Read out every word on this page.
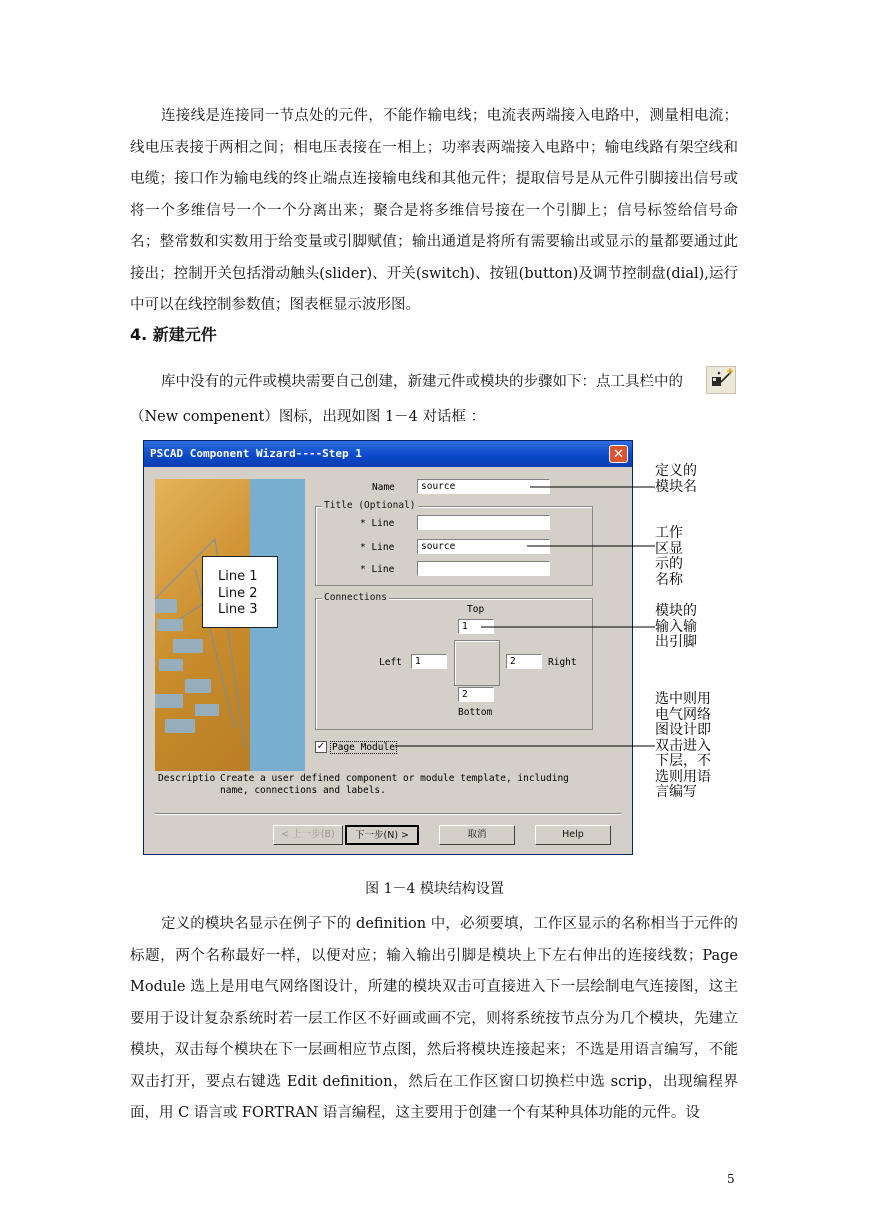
连接线是连接同一节点处的元件，不能作输电线；电流表两端接入电路中，测量相电流；线电压表接于两相之间；相电压表接在一相上；功率表两端接入电路中；输电线路有架空线和电缆；接口作为输电线的终止端点连接输电线和其他元件；提取信号是从元件引脚接出信号或将一个多维信号一个一个分离出来；聚合是将多维信号接在一个引脚上；信号标签给信号命名；整常数和实数用于给变量或引脚赋值；输出通道是将所有需要输出或显示的量都要通过此接出；控制开关包括滑动触头(slider)、开关(switch)、按钮(button)及调节控制盘(dial),运行中可以在线控制参数值；图表框显示波形图。

4. 新建元件

库中没有的元件或模块需要自己创建，新建元件或模块的步骤如下：点工具栏中的

（New compenent）图标，出现如图 1－4 对话框 ：

PSCAD Component Wizard----Step 1	✕
Line 1
Line 2
Line 3
Name	source
Title (Optional)
* Line
* Line	source
* Line
Connections
Top
1
Left	1	2	Right
2
Bottom
✓ Page Module
Descriptio Create a user defined component or module template, including
name, connections and labels.
< 上一步(B)	下一步(N) >	取消	Help
定义的
模块名
工作
区显
示的
名称
模块的
输入输
出引脚
选中则用
电气网络
图设计即
双击进入
下层，不
选则用语
言编写
图 1－4 模块结构设置

定义的模块名显示在例子下的 definition 中，必须要填，工作区显示的名称相当于元件的标题，两个名称最好一样，以便对应；输入输出引脚是模块上下左右伸出的连接线数；Page Module 选上是用电气网络图设计，所建的模块双击可直接进入下一层绘制电气连接图，这主要用于设计复杂系统时若一层工作区不好画或画不完，则将系统按节点分为几个模块，先建立模块，双击每个模块在下一层画相应节点图，然后将模块连接起来；不选是用语言编写，不能双击打开，要点右键选 Edit definition，然后在工作区窗口切换栏中选 scrip，出现编程界面，用 C 语言或 FORTRAN 语言编程，这主要用于创建一个有某种具体功能的元件。设

5
